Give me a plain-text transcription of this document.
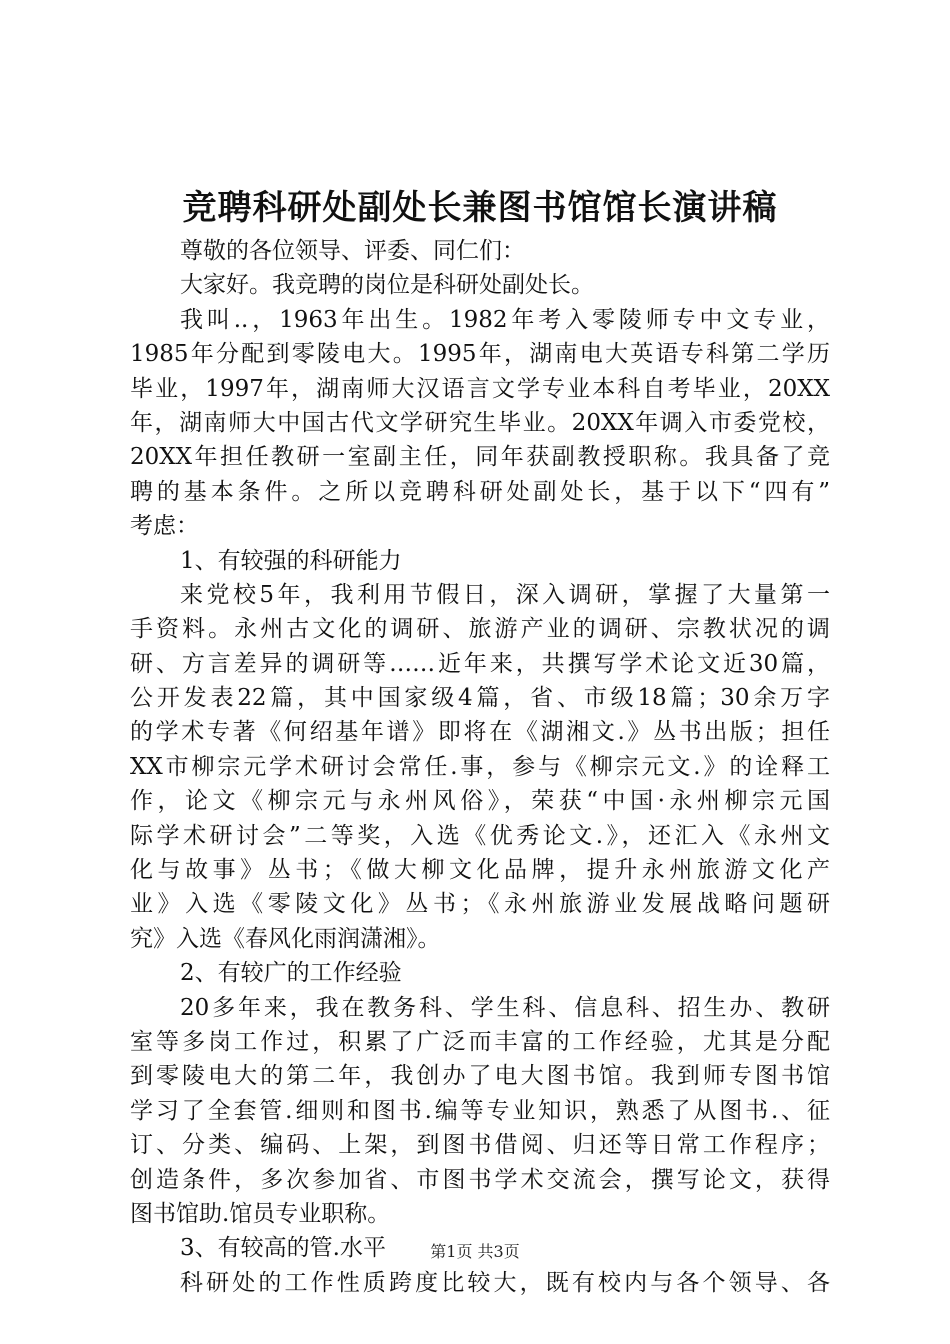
竞聘科研处副处长兼图书馆馆长演讲稿
尊敬的各位领导、评委、同仁们：
大家好。我竞聘的岗位是科研处副处长。
我叫..，1963年出生。1982年考入零陵师专中文专业，
1985年分配到零陵电大。1995年，湖南电大英语专科第二学历
毕业，1997年，湖南师大汉语言文学专业本科自考毕业，20XX
年，湖南师大中国古代文学研究生毕业。20XX年调入市委党校，
20XX年担任教研一室副主任，同年获副教授职称。我具备了竞
聘的基本条件。之所以竞聘科研处副处长，基于以下“四有”
考虑：
1、有较强的科研能力
来党校5年，我利用节假日，深入调研，掌握了大量第一
手资料。永州古文化的调研、旅游产业的调研、宗教状况的调
研、方言差异的调研等……近年来，共撰写学术论文近30篇，
公开发表22篇，其中国家级4篇，省、市级18篇；30余万字
的学术专著《何绍基年谱》即将在《湖湘文.》丛书出版；担任
XX市柳宗元学术研讨会常任.事，参与《柳宗元文.》的诠释工
作，论文《柳宗元与永州风俗》，荣获“中国·永州柳宗元国
际学术研讨会”二等奖，入选《优秀论文.》，还汇入《永州文
化与故事》丛书；《做大柳文化品牌，提升永州旅游文化产
业》入选《零陵文化》丛书；《永州旅游业发展战略问题研
究》入选《春风化雨润潇湘》。
2、有较广的工作经验
20多年来，我在教务科、学生科、信息科、招生办、教研
室等多岗工作过，积累了广泛而丰富的工作经验，尤其是分配
到零陵电大的第二年，我创办了电大图书馆。我到师专图书馆
学习了全套管.细则和图书.编等专业知识，熟悉了从图书.、征
订、分类、编码、上架，到图书借阅、归还等日常工作程序；
创造条件，多次参加省、市图书学术交流会，撰写论文，获得
图书馆助.馆员专业职称。
3、有较高的管.水平
科研处的工作性质跨度比较大，既有校内与各个领导、各
第1页 共3页
